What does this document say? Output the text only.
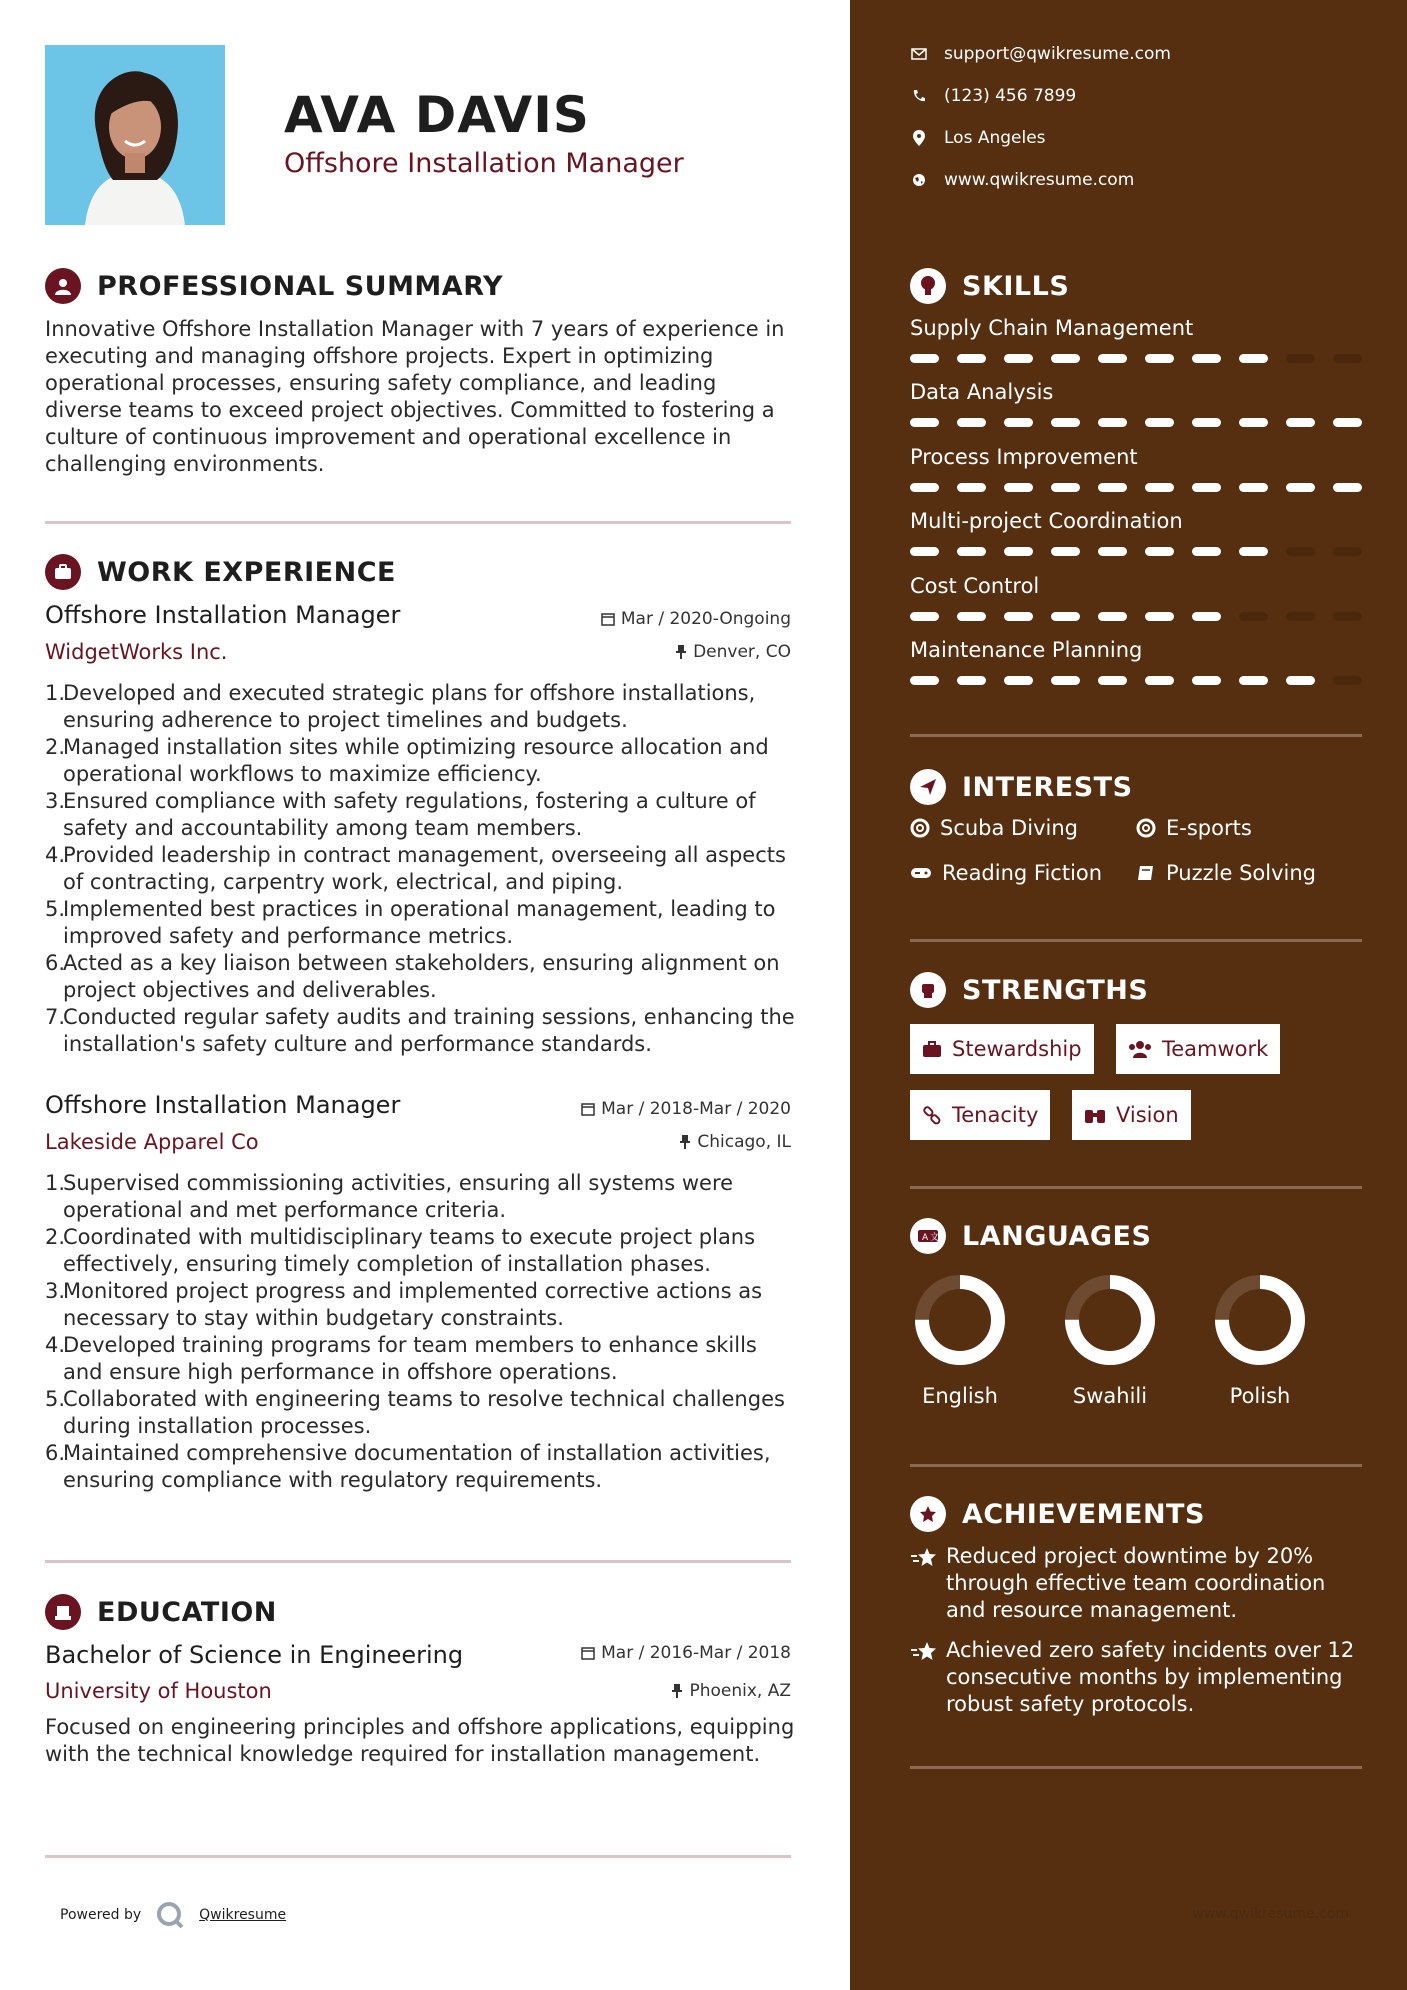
AVA DAVIS
Offshore Installation Manager
PROFESSIONAL SUMMARY
Innovative Offshore Installation Manager with 7 years of experience in executing and managing offshore projects. Expert in optimizing operational processes, ensuring safety compliance, and leading diverse teams to exceed project objectives. Committed to fostering a culture of continuous improvement and operational excellence in challenging environments.
WORK EXPERIENCE
Offshore Installation Manager	Mar / 2020-Ongoing
WidgetWorks Inc.	Denver, CO
1.
Developed and executed strategic plans for offshore installations, ensuring adherence to project timelines and budgets.
2.
Managed installation sites while optimizing resource allocation and operational workflows to maximize efficiency.
3.
Ensured compliance with safety regulations, fostering a culture of safety and accountability among team members.
4.
Provided leadership in contract management, overseeing all aspects of contracting, carpentry work, electrical, and piping.
5.
Implemented best practices in operational management, leading to improved safety and performance metrics.
6.
Acted as a key liaison between stakeholders, ensuring alignment on project objectives and deliverables.
7.
Conducted regular safety audits and training sessions, enhancing the installation's safety culture and performance standards.
Offshore Installation Manager	Mar / 2018-Mar / 2020
Lakeside Apparel Co	Chicago, IL
1.
Supervised commissioning activities, ensuring all systems were operational and met performance criteria.
2.
Coordinated with multidisciplinary teams to execute project plans effectively, ensuring timely completion of installation phases.
3.
Monitored project progress and implemented corrective actions as necessary to stay within budgetary constraints.
4.
Developed training programs for team members to enhance skills and ensure high performance in offshore operations.
5.
Collaborated with engineering teams to resolve technical challenges during installation processes.
6.
Maintained comprehensive documentation of installation activities, ensuring compliance with regulatory requirements.
EDUCATION
Bachelor of Science in Engineering	Mar / 2016-Mar / 2018
University of Houston	Phoenix, AZ
Focused on engineering principles and offshore applications, equipping with the technical knowledge required for installation management.
Powered by	Qwikresume
support@qwikresume.com
(123) 456 7899
Los Angeles
www.qwikresume.com
SKILLS
Supply Chain Management
Data Analysis
Process Improvement
Multi-project Coordination
Cost Control
Maintenance Planning
INTERESTS
Scuba Diving	E-sports
Reading Fiction	Puzzle Solving
STRENGTHS
Stewardship	Teamwork
Tenacity	Vision
A 文 LANGUAGES
English	Swahili	Polish
ACHIEVEMENTS
Reduced project downtime by 20% through effective team coordination and resource management.
Achieved zero safety incidents over 12 consecutive months by implementing robust safety protocols.
www.qwikresume.com
